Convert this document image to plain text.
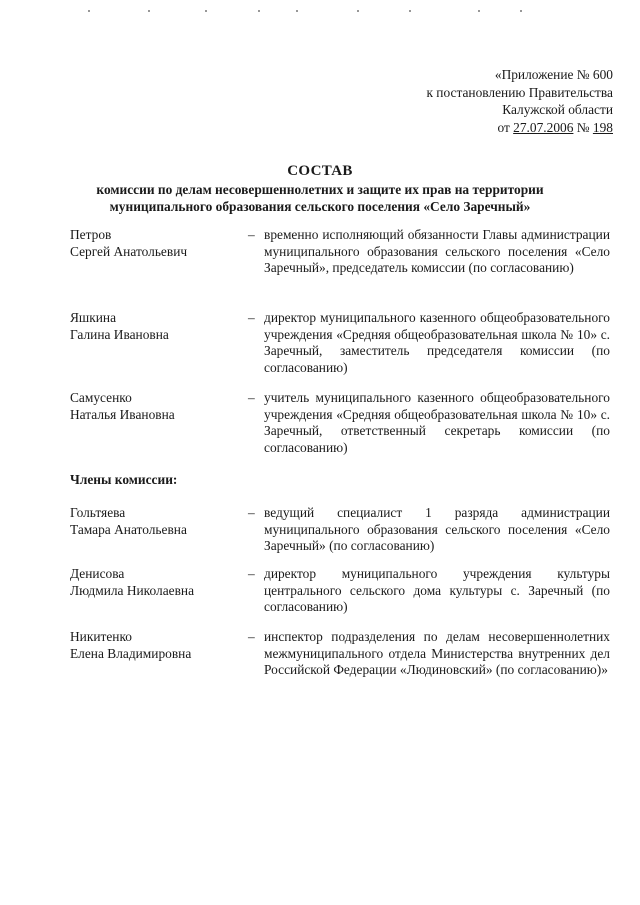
«Приложение № 600
к постановлению Правительства
Калужской области
от 27.07.2006 № 198
СОСТАВ
комиссии по делам несовершеннолетних и защите их прав на территории
муниципального образования сельского поселения «Село Заречный»
Петров
Сергей Анатольевич
– временно исполняющий обязанности Главы администрации муниципального образования сельского поселения «Село Заречный», председатель комиссии (по согласованию)
Яшкина
Галина Ивановна
– директор муниципального казенного общеобразовательного учреждения «Средняя общеобразовательная школа № 10» с. Заречный, заместитель председателя комиссии (по согласованию)
Самусенко
Наталья Ивановна
– учитель муниципального казенного общеобразовательного учреждения «Средняя общеобразовательная школа № 10» с. Заречный, ответственный секретарь комиссии (по согласованию)
Члены комиссии:
Гольтяева
Тамара Анатольевна
– ведущий специалист 1 разряда администрации муниципального образования сельского поселения «Село Заречный» (по согласованию)
Денисова
Людмила Николаевна
– директор муниципального учреждения культуры центрального сельского дома культуры с. Заречный (по согласованию)
Никитенко
Елена Владимировна
– инспектор подразделения по делам несовершеннолетних межмуниципального отдела Министерства внутренних дел Российской Федерации «Людиновский» (по согласованию)»
